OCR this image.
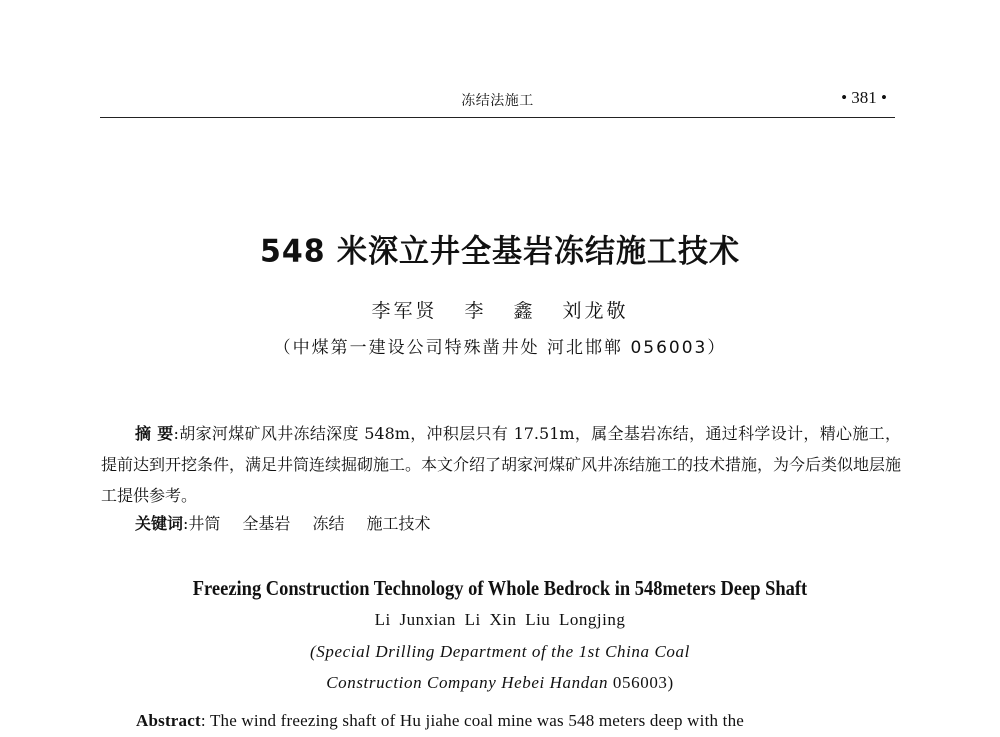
冻结法施工	• 381 •
548 米深立井全基岩冻结施工技术
李军贤 李 鑫 刘龙敬
（中煤第一建设公司特殊凿井处 河北邯郸 056003）
摘 要:胡家河煤矿风井冻结深度 548m，冲积层只有 17.51m，属全基岩冻结，通过科学设计，精心施工，提前达到开挖条件，满足井筒连续掘砌施工。本文介绍了胡家河煤矿风井冻结施工的技术措施，为今后类似地层施工提供参考。
关键词:井筒 全基岩 冻结 施工技术
Freezing Construction Technology of Whole Bedrock in 548meters Deep Shaft
Li Junxian Li Xin Liu Longjing
(Special Drilling Department of the 1st China Coal
Construction Company Hebei Handan 056003)
Abstract: The wind freezing shaft of Hu jiahe coal mine was 548 meters deep with the
